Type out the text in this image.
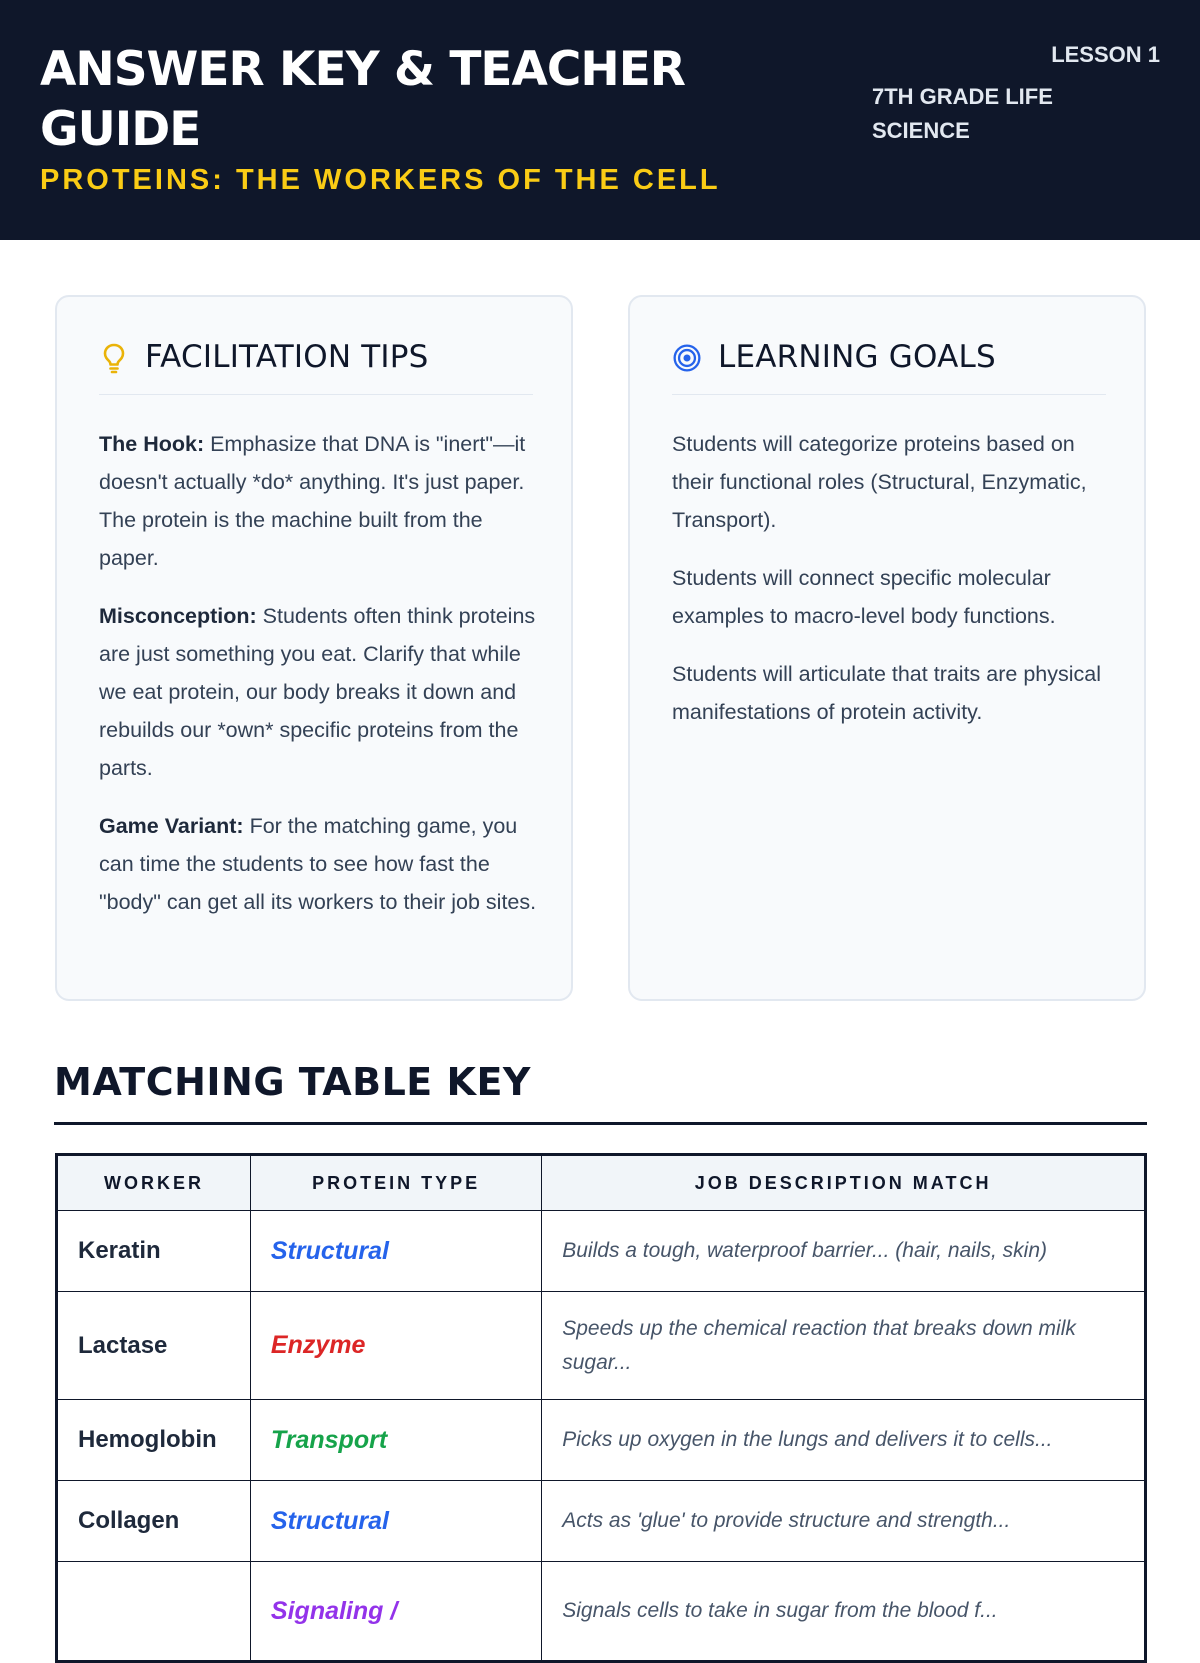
ANSWER KEY & TEACHER GUIDE
PROTEINS: THE WORKERS OF THE CELL
LESSON 1
7TH GRADE LIFE SCIENCE
FACILITATION TIPS

The Hook: Emphasize that DNA is "inert"—it doesn't actually *do* anything. It's just paper. The protein is the machine built from the paper.

Misconception: Students often think proteins are just something you eat. Clarify that while we eat protein, our body breaks it down and rebuilds our *own* specific proteins from the parts.

Game Variant: For the matching game, you can time the students to see how fast the "body" can get all its workers to their job sites.

LEARNING GOALS

Students will categorize proteins based on their functional roles (Structural, Enzymatic, Transport).

Students will connect specific molecular examples to macro-level body functions.

Students will articulate that traits are physical manifestations of protein activity.

MATCHING TABLE KEY
WORKER	PROTEIN TYPE	JOB DESCRIPTION MATCH
Keratin	Structural	Builds a tough, waterproof barrier... (hair, nails, skin)
Lactase	Enzyme	Speeds up the chemical reaction that breaks down milk sugar...
Hemoglobin	Transport	Picks up oxygen in the lungs and delivers it to cells...
Collagen	Structural	Acts as 'glue' to provide structure and strength...
	Signaling /	Signals cells to take in sugar from the blood f...
